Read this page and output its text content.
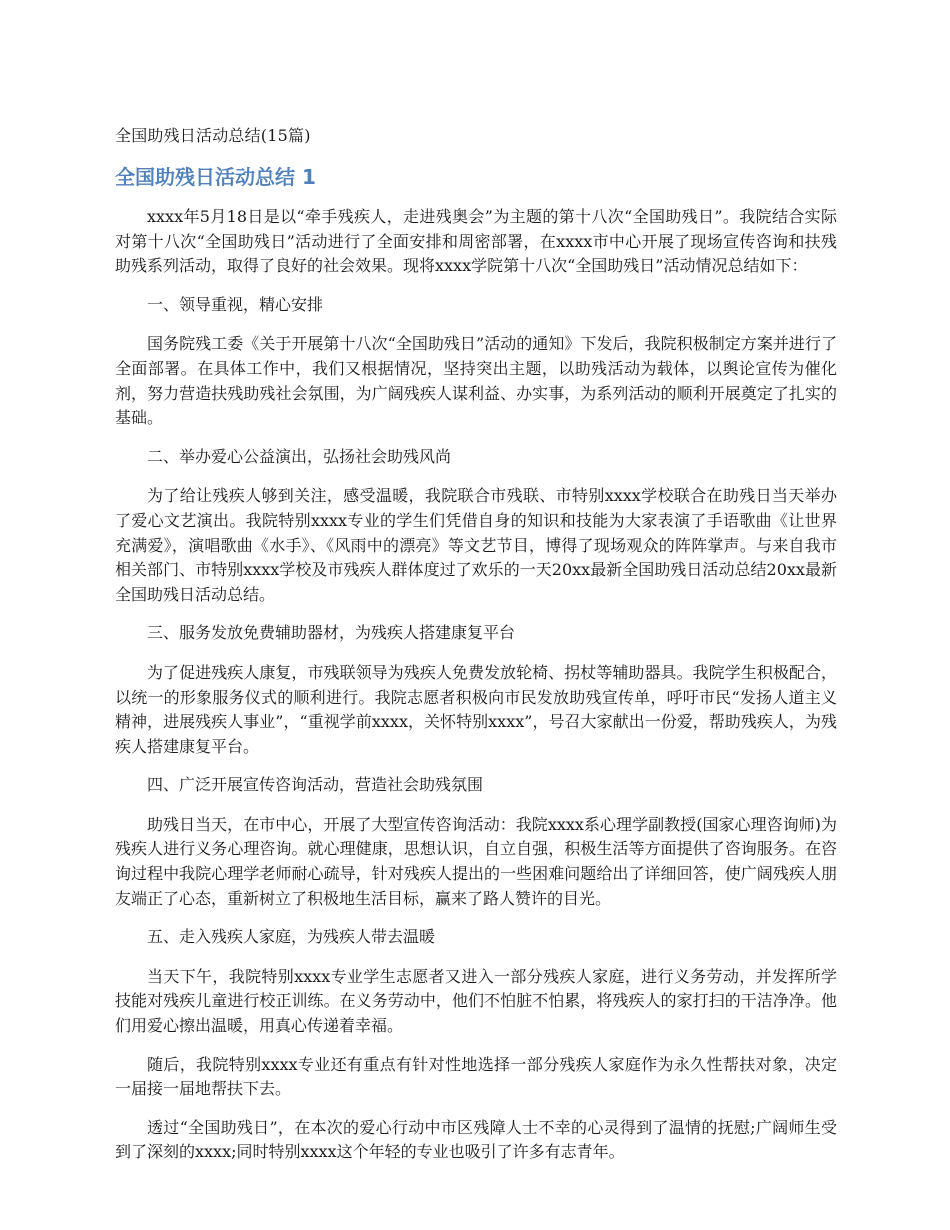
全国助残日活动总结(15篇)
全国助残日活动总结 1

xxxx年5月18日是以“牵手残疾人，走进残奥会”为主题的第十八次“全国助残日”。我院结合实际对第十八次“全国助残日”活动进行了全面安排和周密部署，在xxxx市中心开展了现场宣传咨询和扶残助残系列活动，取得了良好的社会效果。现将xxxx学院第十八次“全国助残日”活动情况总结如下：

一、领导重视，精心安排

国务院残工委《关于开展第十八次“全国助残日”活动的通知》下发后，我院积极制定方案并进行了全面部署。在具体工作中，我们又根据情况，坚持突出主题，以助残活动为载体，以舆论宣传为催化剂，努力营造扶残助残社会氛围，为广阔残疾人谋利益、办实事，为系列活动的顺利开展奠定了扎实的基础。

二、举办爱心公益演出，弘扬社会助残风尚

为了给让残疾人够到关注，感受温暖，我院联合市残联、市特别xxxx学校联合在助残日当天举办了爱心文艺演出。我院特别xxxx专业的学生们凭借自身的知识和技能为大家表演了手语歌曲《让世界充满爱》，演唱歌曲《水手》、《风雨中的漂亮》等文艺节目，博得了现场观众的阵阵掌声。与来自我市相关部门、市特别xxxx学校及市残疾人群体度过了欢乐的一天20xx最新全国助残日活动总结20xx最新全国助残日活动总结。

三、服务发放免费辅助器材，为残疾人搭建康复平台

为了促进残疾人康复，市残联领导为残疾人免费发放轮椅、拐杖等辅助器具。我院学生积极配合，以统一的形象服务仪式的顺利进行。我院志愿者积极向市民发放助残宣传单，呼吁市民“发扬人道主义精神，进展残疾人事业”，“重视学前xxxx，关怀特别xxxx”，号召大家献出一份爱，帮助残疾人，为残疾人搭建康复平台。

四、广泛开展宣传咨询活动，营造社会助残氛围

助残日当天，在市中心，开展了大型宣传咨询活动：我院xxxx系心理学副教授(国家心理咨询师)为残疾人进行义务心理咨询。就心理健康，思想认识，自立自强，积极生活等方面提供了咨询服务。在咨询过程中我院心理学老师耐心疏导，针对残疾人提出的一些困难问题给出了详细回答，使广阔残疾人朋友端正了心态，重新树立了积极地生活目标，赢来了路人赞许的目光。

五、走入残疾人家庭，为残疾人带去温暖

当天下午，我院特别xxxx专业学生志愿者又进入一部分残疾人家庭，进行义务劳动，并发挥所学技能对残疾儿童进行校正训练。在义务劳动中，他们不怕脏不怕累，将残疾人的家打扫的干洁净净。他们用爱心擦出温暖，用真心传递着幸福。

随后，我院特别xxxx专业还有重点有针对性地选择一部分残疾人家庭作为永久性帮扶对象，决定一届接一届地帮扶下去。

透过“全国助残日”，在本次的爱心行动中市区残障人士不幸的心灵得到了温情的抚慰;广阔师生受到了深刻的xxxx;同时特别xxxx这个年轻的专业也吸引了许多有志青年。
